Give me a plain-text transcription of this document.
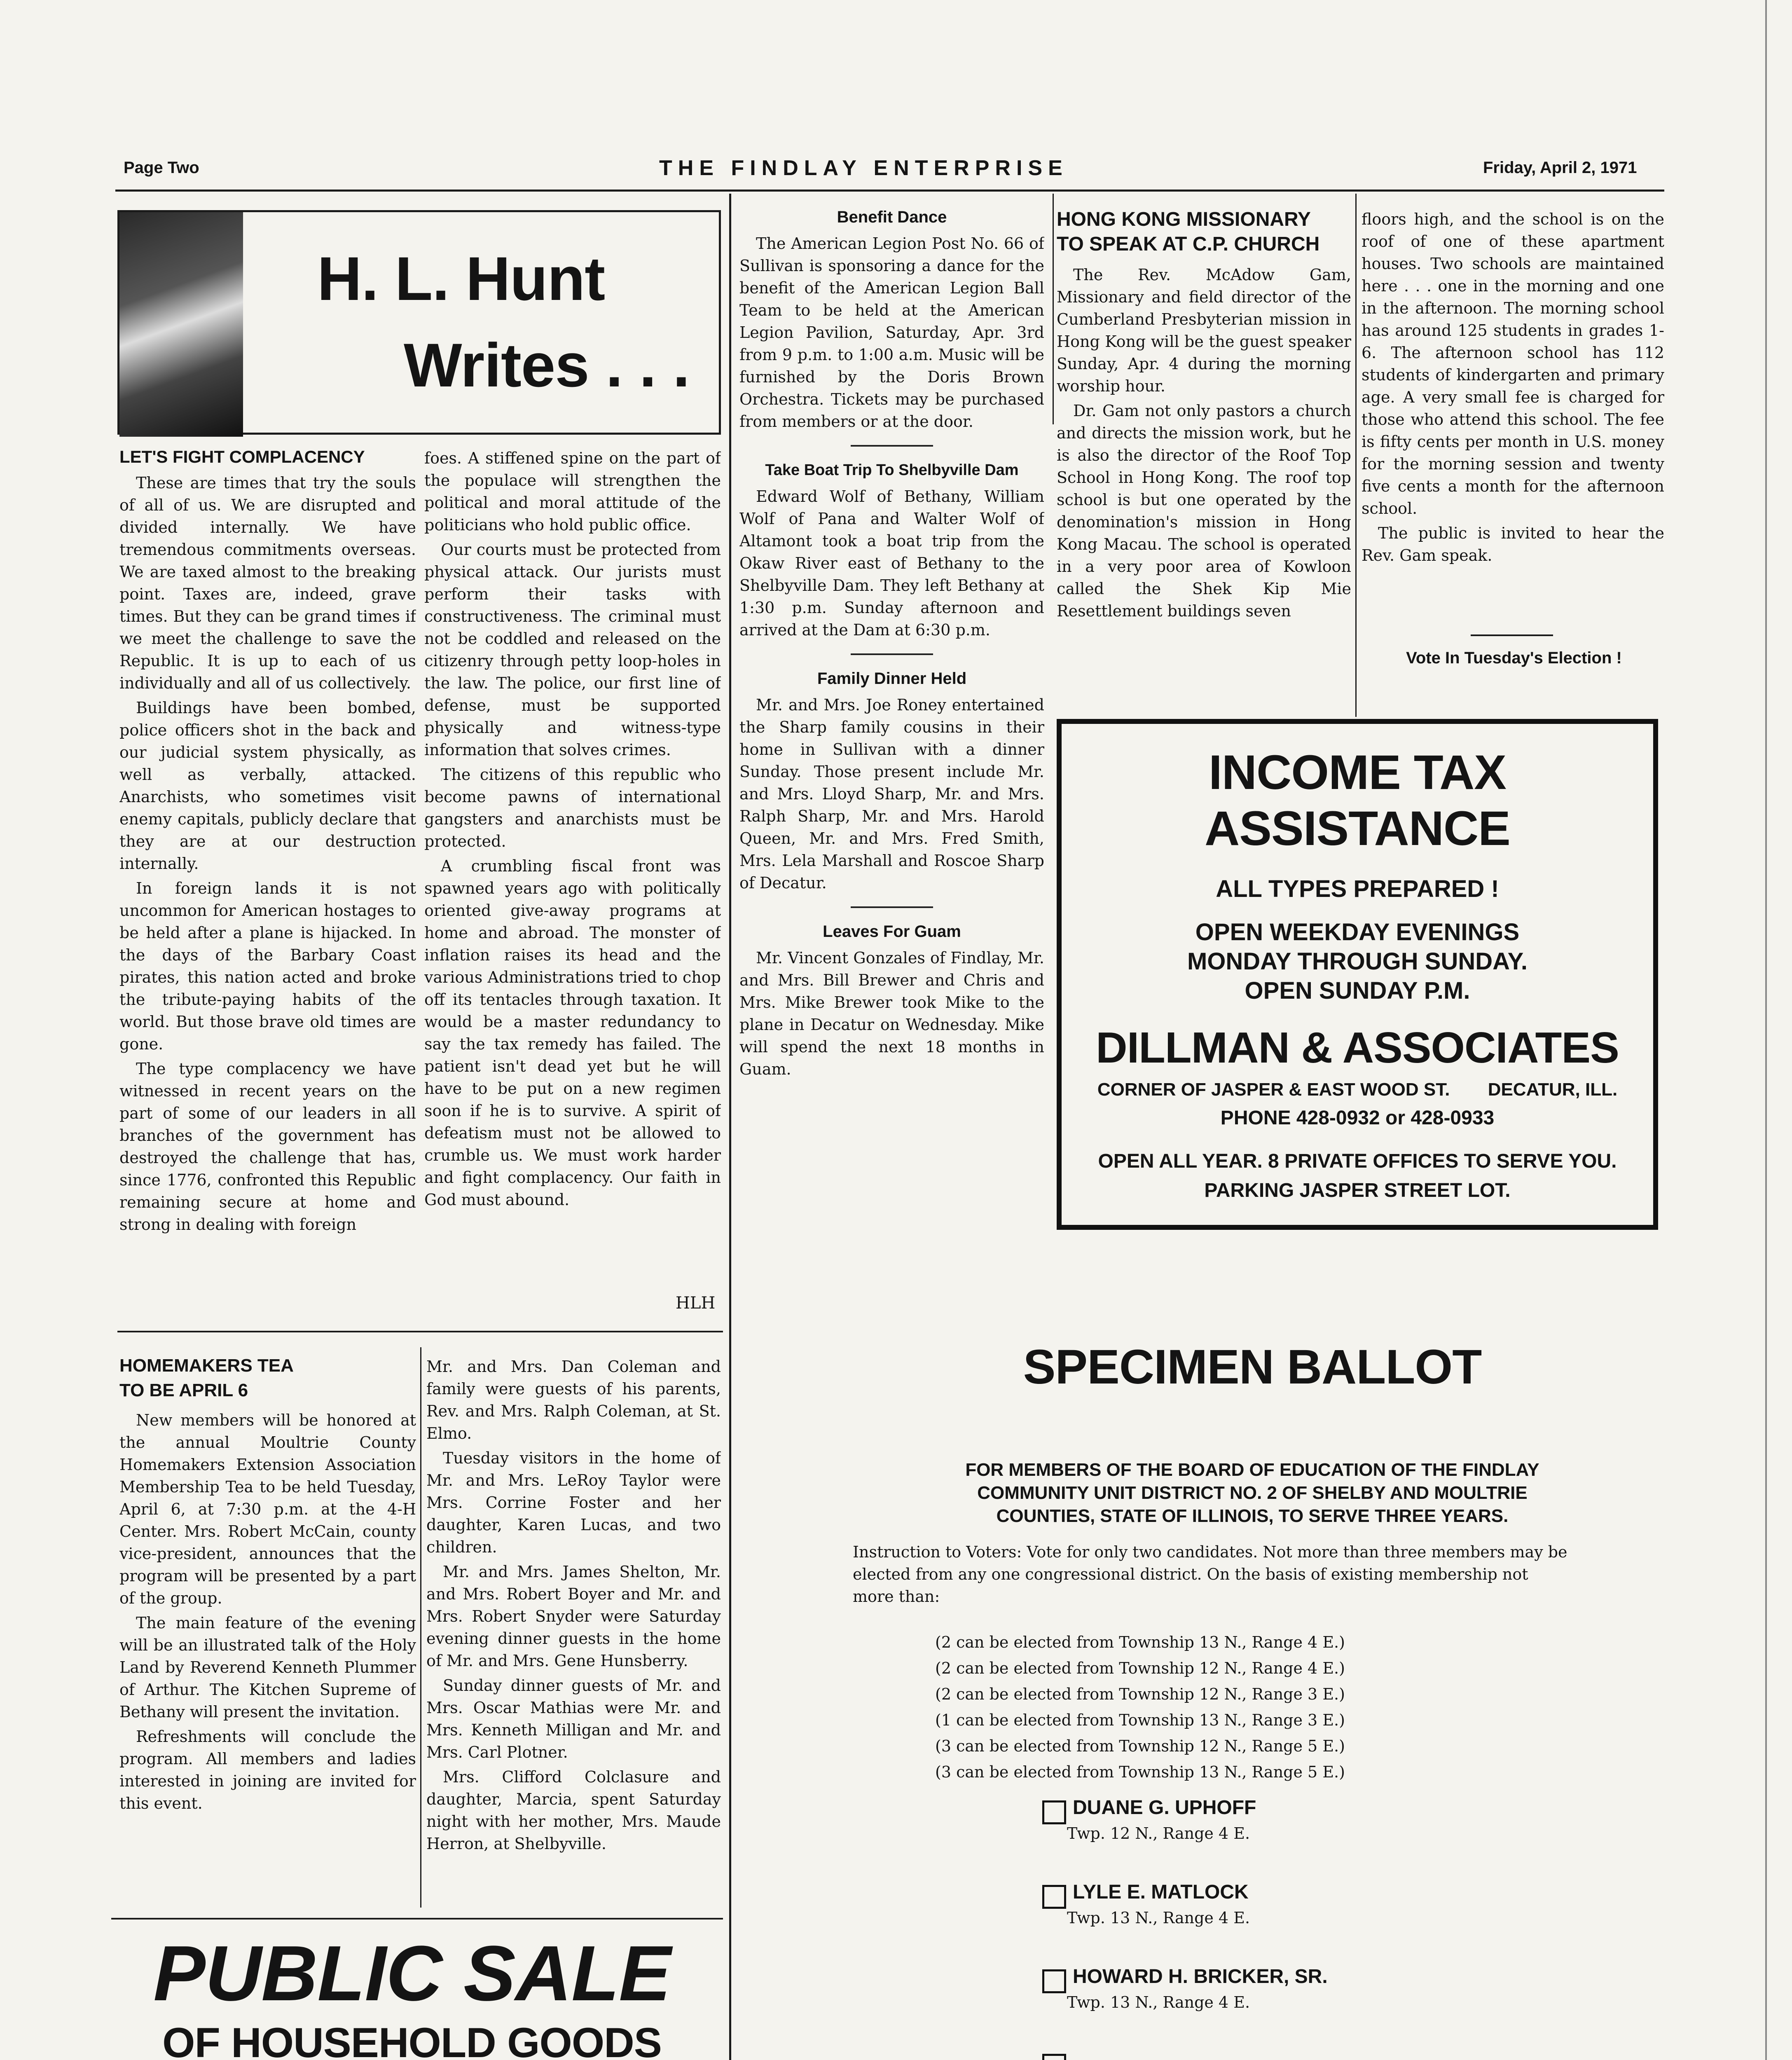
Page Two	THE FINDLAY ENTERPRISE	Friday, April 2, 1971
H. L. Hunt
Writes . . .
LET'S FIGHT COMPLACENCY

These are times that try the souls of all of us. We are disrupted and divided internally. We have tremendous commitments overseas. We are taxed almost to the breaking point. Taxes are, indeed, grave times. But they can be grand times if we meet the challenge to save the Republic. It is up to each of us individually and all of us collectively.

Buildings have been bombed, police officers shot in the back and our judicial system physically, as well as verbally, attacked. Anarchists, who sometimes visit enemy capitals, publicly declare that they are at our destruction internally.

In foreign lands it is not uncommon for American hostages to be held after a plane is hijacked. In the days of the Barbary Coast pirates, this nation acted and broke the tribute-paying habits of the world. But those brave old times are gone.

The type complacency we have witnessed in recent years on the part of some of our leaders in all branches of the government has destroyed the challenge that has, since 1776, confronted this Republic remaining secure at home and strong in dealing with foreign

foes. A stiffened spine on the part of the populace will strengthen the political and moral attitude of the politicians who hold public office.

Our courts must be protected from physical attack. Our jurists must perform their tasks with constructiveness. The criminal must not be coddled and released on the citizenry through petty loop-holes in the law. The police, our first line of defense, must be supported physically and witness-type information that solves crimes.

The citizens of this republic who become pawns of international gangsters and anarchists must be protected.

A crumbling fiscal front was spawned years ago with politically oriented give-away programs at home and abroad. The monster of inflation raises its head and the various Administrations tried to chop off its tentacles through taxation. It would be a master redundancy to say the tax remedy has failed. The patient isn't dead yet but he will have to be put on a new regimen soon if he is to survive. A spirit of defeatism must not be allowed to crumble us. We must work harder and fight complacency. Our faith in God must abound.

HLH
Benefit Dance

The American Legion Post No. 66 of Sullivan is sponsoring a dance for the benefit of the American Legion Ball Team to be held at the American Legion Pavilion, Saturday, Apr. 3rd from 9 p.m. to 1:00 a.m. Music will be furnished by the Doris Brown Orchestra. Tickets may be purchased from members or at the door.

Take Boat Trip To Shelbyville Dam

Edward Wolf of Bethany, William Wolf of Pana and Walter Wolf of Altamont took a boat trip from the Okaw River east of Bethany to the Shelbyville Dam. They left Bethany at 1:30 p.m. Sunday afternoon and arrived at the Dam at 6:30 p.m.

Family Dinner Held

Mr. and Mrs. Joe Roney entertained the Sharp family cousins in their home in Sullivan with a dinner Sunday. Those present include Mr. and Mrs. Lloyd Sharp, Mr. and Mrs. Ralph Sharp, Mr. and Mrs. Harold Queen, Mr. and Mrs. Fred Smith, Mrs. Lela Marshall and Roscoe Sharp of Decatur.

Leaves For Guam

Mr. Vincent Gonzales of Findlay, Mr. and Mrs. Bill Brewer and Chris and Mrs. Mike Brewer took Mike to the plane in Decatur on Wednesday. Mike will spend the next 18 months in Guam.

HONG KONG MISSIONARY
TO SPEAK AT C.P. CHURCH

The Rev. McAdow Gam, Missionary and field director of the Cumberland Presbyterian mission in Hong Kong will be the guest speaker Sunday, Apr. 4 during the morning worship hour.

Dr. Gam not only pastors a church and directs the mission work, but he is also the director of the Roof Top School in Hong Kong. The roof top school is but one operated by the denomination's mission in Hong Kong Macau. The school is operated in a very poor area of Kowloon called the Shek Kip Mie Resettlement buildings seven

floors high, and the school is on the roof of one of these apartment houses. Two schools are maintained here . . . one in the morning and one in the afternoon. The morning school has around 125 students in grades 1-6. The afternoon school has 112 students of kindergarten and primary age. A very small fee is charged for those who attend this school. The fee is fifty cents per month in U.S. money for the morning session and twenty five cents a month for the afternoon school.

The public is invited to hear the Rev. Gam speak.

Vote In Tuesday's Election !
INCOME TAX ASSISTANCE
ALL TYPES PREPARED !
OPEN WEEKDAY EVENINGS
MONDAY THROUGH SUNDAY.
OPEN SUNDAY P.M.
DILLMAN & ASSOCIATES
CORNER OF JASPER & EAST WOOD ST. DECATUR, ILL.
PHONE 428-0932 or 428-0933
OPEN ALL YEAR. 8 PRIVATE OFFICES TO SERVE YOU.
PARKING JASPER STREET LOT.
HOMEMAKERS TEA
TO BE APRIL 6

New members will be honored at the annual Moultrie County Homemakers Extension Association Membership Tea to be held Tuesday, April 6, at 7:30 p.m. at the 4-H Center. Mrs. Robert McCain, county vice-president, announces that the program will be presented by a part of the group.

The main feature of the evening will be an illustrated talk of the Holy Land by Reverend Kenneth Plummer of Arthur. The Kitchen Supreme of Bethany will present the invitation.

Refreshments will conclude the program. All members and ladies interested in joining are invited for this event.

Mr. and Mrs. Dan Coleman and family were guests of his parents, Rev. and Mrs. Ralph Coleman, at St. Elmo.

Tuesday visitors in the home of Mr. and Mrs. LeRoy Taylor were Mrs. Corrine Foster and her daughter, Karen Lucas, and two children.

Mr. and Mrs. James Shelton, Mr. and Mrs. Robert Boyer and Mr. and Mrs. Robert Snyder were Saturday evening dinner guests in the home of Mr. and Mrs. Gene Hunsberry.

Sunday dinner guests of Mr. and Mrs. Oscar Mathias were Mr. and Mrs. Kenneth Milligan and Mr. and Mrs. Carl Plotner.

Mrs. Clifford Colclasure and daughter, Marcia, spent Saturday night with her mother, Mrs. Maude Herron, at Shelbyville.

PUBLIC SALE
OF HOUSEHOLD GOODS
SPECIMEN BALLOT
FOR MEMBERS OF THE BOARD OF EDUCATION OF THE FINDLAY
COMMUNITY UNIT DISTRICT NO. 2 OF SHELBY AND MOULTRIE
COUNTIES, STATE OF ILLINOIS, TO SERVE THREE YEARS.
Instruction to Voters: Vote for only two candidates. Not more than three members may be elected from any one congressional district. On the basis of existing membership not more than:
(2 can be elected from Township 13 N., Range 4 E.)
(2 can be elected from Township 12 N., Range 4 E.)
(2 can be elected from Township 12 N., Range 3 E.)
(1 can be elected from Township 13 N., Range 3 E.)
(3 can be elected from Township 12 N., Range 5 E.)
(3 can be elected from Township 13 N., Range 5 E.)
DUANE G. UPHOFF
Twp. 12 N., Range 4 E.
LYLE E. MATLOCK
Twp. 13 N., Range 4 E.
HOWARD H. BRICKER, SR.
Twp. 13 N., Range 4 E.
